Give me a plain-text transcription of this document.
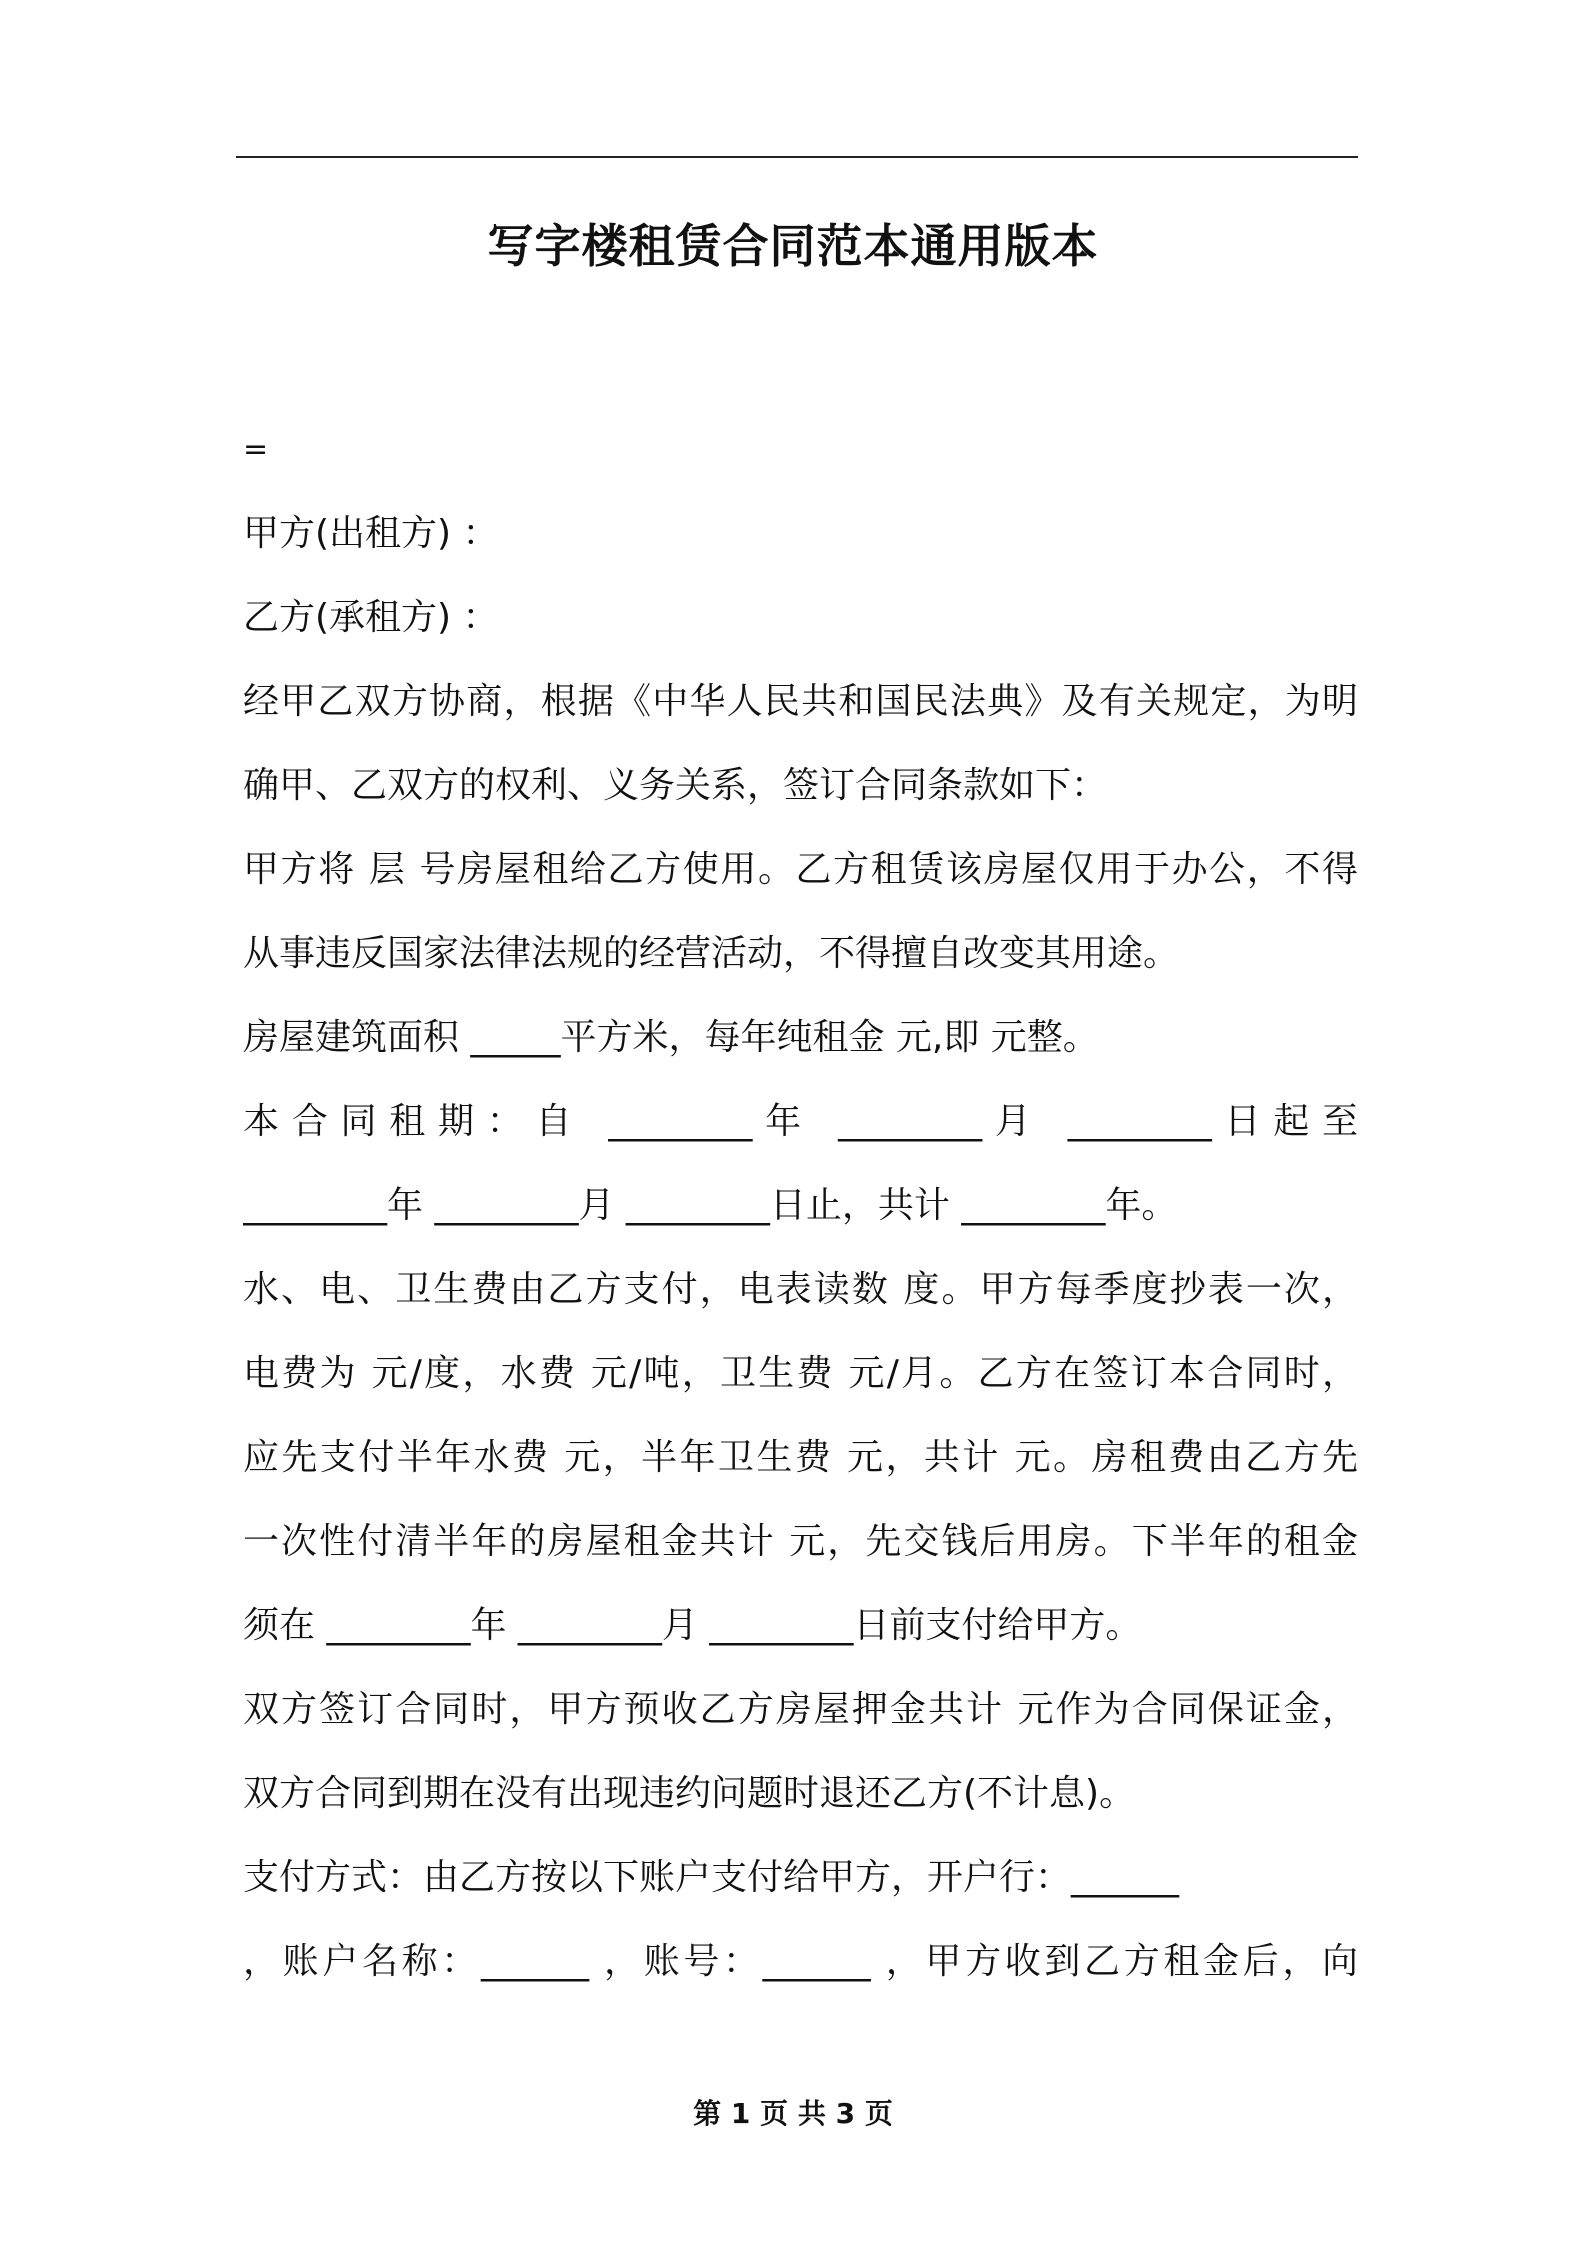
写字楼租赁合同范本通用版本
=
甲方(出租方) ：
乙方(承租方) ：
经甲乙双方协商，根据《中华人民共和国民法典》及有关规定，为明
确甲、乙双方的权利、义务关系，签订合同条款如下：
甲方将 层 号房屋租给乙方使用。乙方租赁该房屋仅用于办公，不得
从事违反国家法律法规的经营活动，不得擅自改变其用途。
房屋建筑面积 _____平方米，每年纯租金 元,即 元整。
本合同租期：自 ________年 ________月 ________日起至
________年 ________月 ________日止，共计 ________年。
水、电、卫生费由乙方支付，电表读数 度。甲方每季度抄表一次，
电费为 元/度，水费 元/吨，卫生费 元/月。乙方在签订本合同时，
应先支付半年水费 元，半年卫生费 元，共计 元。房租费由乙方先
一次性付清半年的房屋租金共计 元，先交钱后用房。下半年的租金
须在 ________年 ________月 ________日前支付给甲方。
双方签订合同时，甲方预收乙方房屋押金共计 元作为合同保证金，
双方合同到期在没有出现违约问题时退还乙方(不计息)。
支付方式：由乙方按以下账户支付给甲方，开户行：______
，账户名称：______ ，账号：______ ，甲方收到乙方租金后，向
第 1 页 共 3 页
